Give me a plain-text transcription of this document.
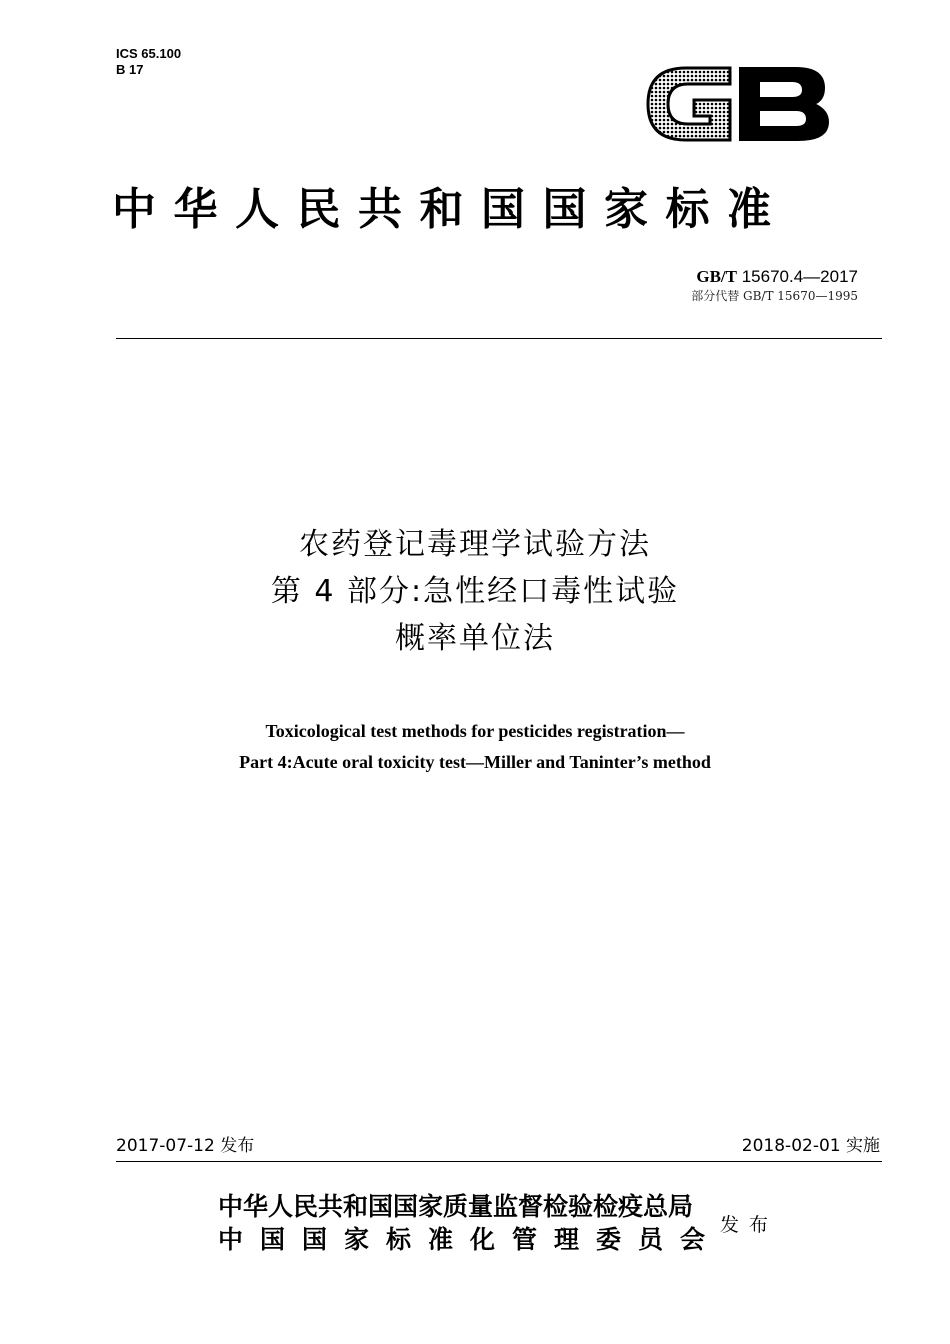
ICS 65.100
B 17
中华人民共和国国家标准
GB/T 15670.4—2017
部分代替 GB/T 15670—1995
农药登记毒理学试验方法
第 4 部分:急性经口毒性试验
概率单位法
Toxicological test methods for pesticides registration—
Part 4:Acute oral toxicity test—Miller and Taninter’s method
2017-07-12 发布	2018-02-01 实施
中华人民共和国国家质量监督检验检疫总局
中国国家标准化管理委员会
发布
